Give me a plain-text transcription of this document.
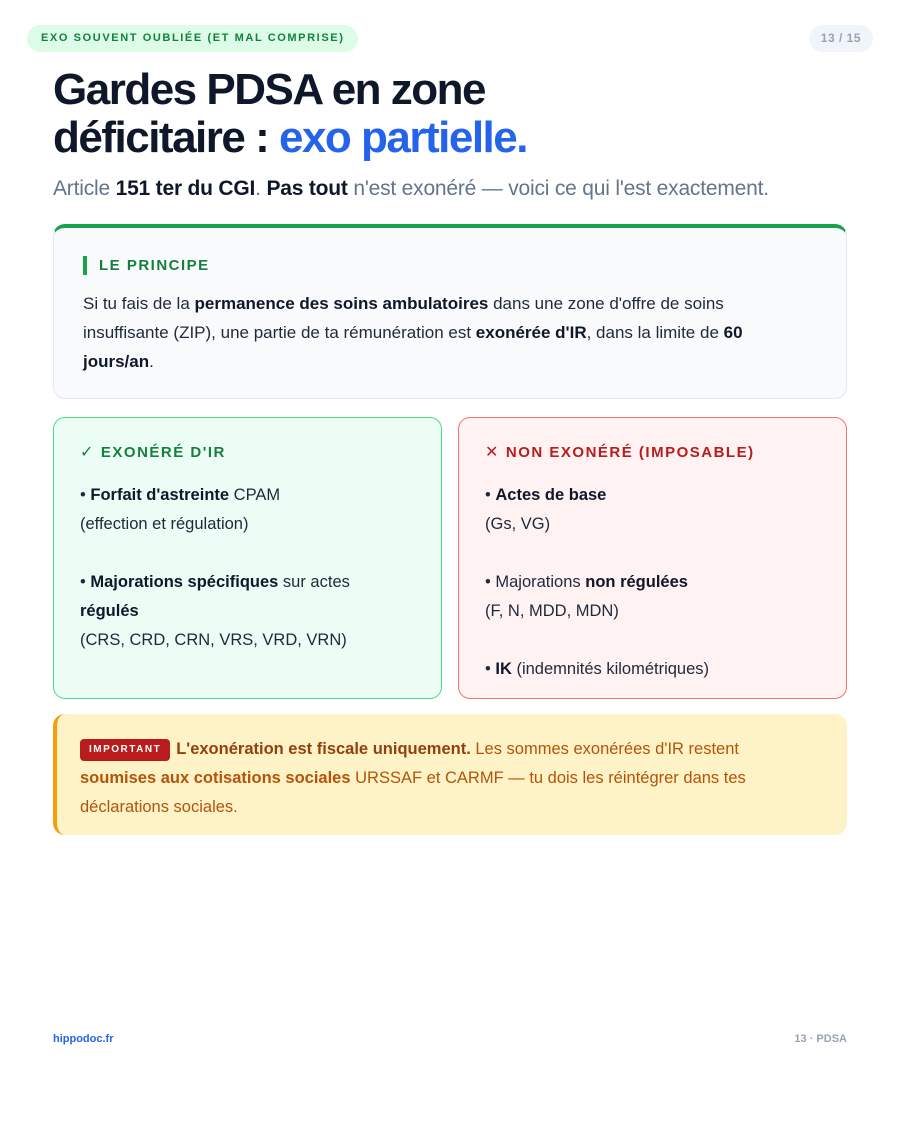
EXO SOUVENT OUBLIÉE (ET MAL COMPRISE)	13 / 15
Gardes PDSA en zone
déficitaire : exo partielle.

Article 151 ter du CGI. Pas tout n'est exonéré — voici ce qui l'est exactement.

LE PRINCIPE

Si tu fais de la permanence des soins ambulatoires dans une zone d'offre de soins insuffisante (ZIP), une partie de ta rémunération est exonérée d'IR, dans la limite de 60 jours/an.

✓ EXONÉRÉ D'IR
• Forfait d'astreinte CPAM
(effection et régulation)
• Majorations spécifiques sur actes
régulés
(CRS, CRD, CRN, VRS, VRD, VRN)
✕ NON EXONÉRÉ (IMPOSABLE)
• Actes de base
(Gs, VG)
• Majorations non régulées
(F, N, MDD, MDN)
• IK (indemnités kilométriques)
IMPORTANT L'exonération est fiscale uniquement. Les sommes exonérées d'IR restent soumises aux cotisations sociales URSSAF et CARMF — tu dois les réintégrer dans tes déclarations sociales.
hippodoc.fr	13 · PDSA
